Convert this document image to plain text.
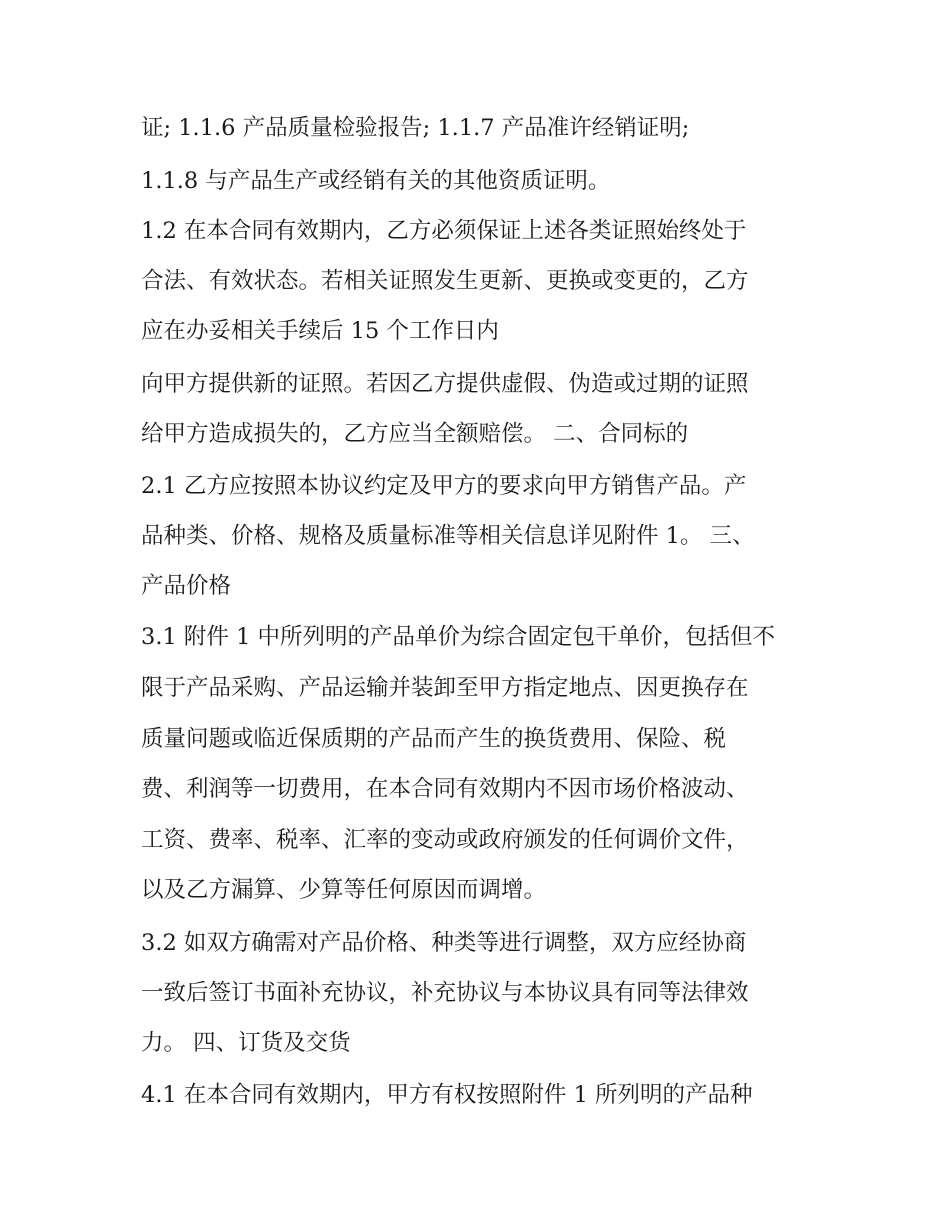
证; 1.1.6 产品质量检验报告; 1.1.7 产品准许经销证明;

1.1.8 与产品生产或经销有关的其他资质证明。

1.2 在本合同有效期内，乙方必须保证上述各类证照始终处于

合法、有效状态。若相关证照发生更新、更换或变更的，乙方

应在办妥相关手续后 15 个工作日内

向甲方提供新的证照。若因乙方提供虚假、伪造或过期的证照

给甲方造成损失的，乙方应当全额赔偿。 二、合同标的

2.1 乙方应按照本协议约定及甲方的要求向甲方销售产品。产

品种类、价格、规格及质量标准等相关信息详见附件 1。 三、

产品价格

3.1 附件 1 中所列明的产品单价为综合固定包干单价，包括但不

限于产品采购、产品运输并装卸至甲方指定地点、因更换存在

质量问题或临近保质期的产品而产生的换货费用、保险、税

费、利润等一切费用，在本合同有效期内不因市场价格波动、

工资、费率、税率、汇率的变动或政府颁发的任何调价文件，

以及乙方漏算、少算等任何原因而调增。

3.2 如双方确需对产品价格、种类等进行调整，双方应经协商

一致后签订书面补充协议，补充协议与本协议具有同等法律效

力。 四、订货及交货

4.1 在本合同有效期内，甲方有权按照附件 1 所列明的产品种
